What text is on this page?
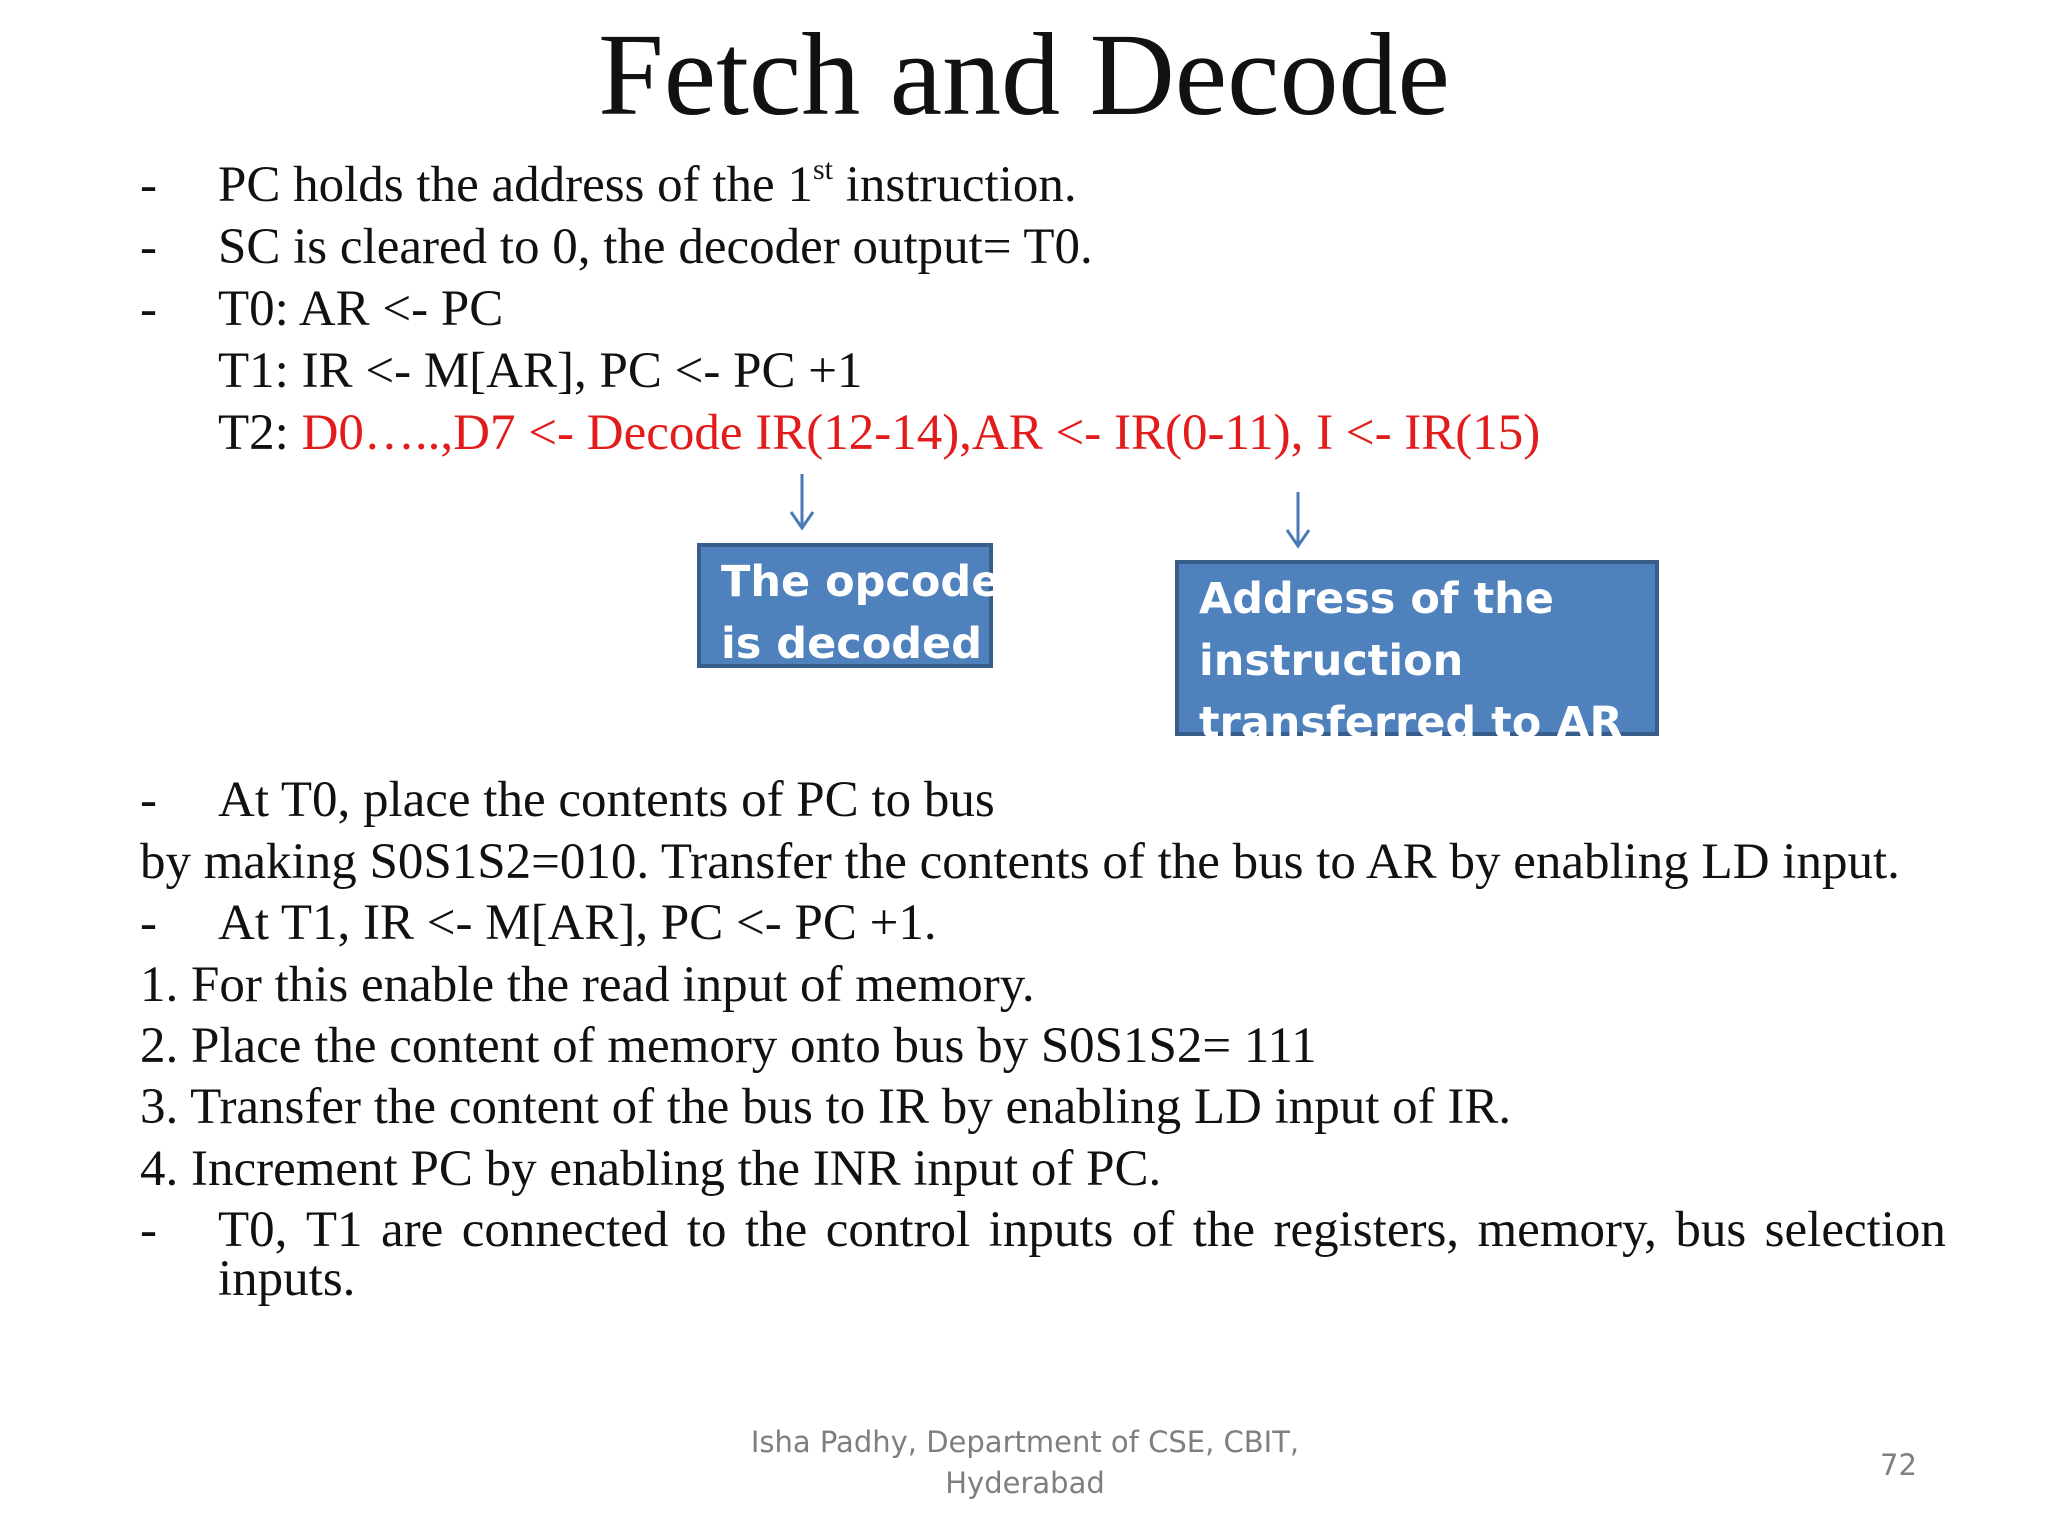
Fetch and Decode
- PC holds the address of the 1st instruction.
- SC is cleared to 0, the decoder output= T0.
- T0: AR <- PC
T1: IR <- M[AR], PC <- PC +1
T2: D0…..,D7 <- Decode IR(12-14),AR <- IR(0-11), I <- IR(15)
The opcode
is decoded
Address of the
instruction
transferred to AR
- At T0, place the contents of PC to bus
by making S0S1S2=010. Transfer the contents of the bus to AR by enabling LD input.
- At T1, IR <- M[AR], PC <- PC +1.
1. For this enable the read input of memory.
2. Place the content of memory onto bus by S0S1S2= 111
3. Transfer the content of the bus to IR by enabling LD input of IR.
4. Increment PC by enabling the INR input of PC.
- T0, T1 are connected to the control inputs of the registers, memory, bus selection
inputs.
Isha Padhy, Department of CSE, CBIT,
Hyderabad
72
